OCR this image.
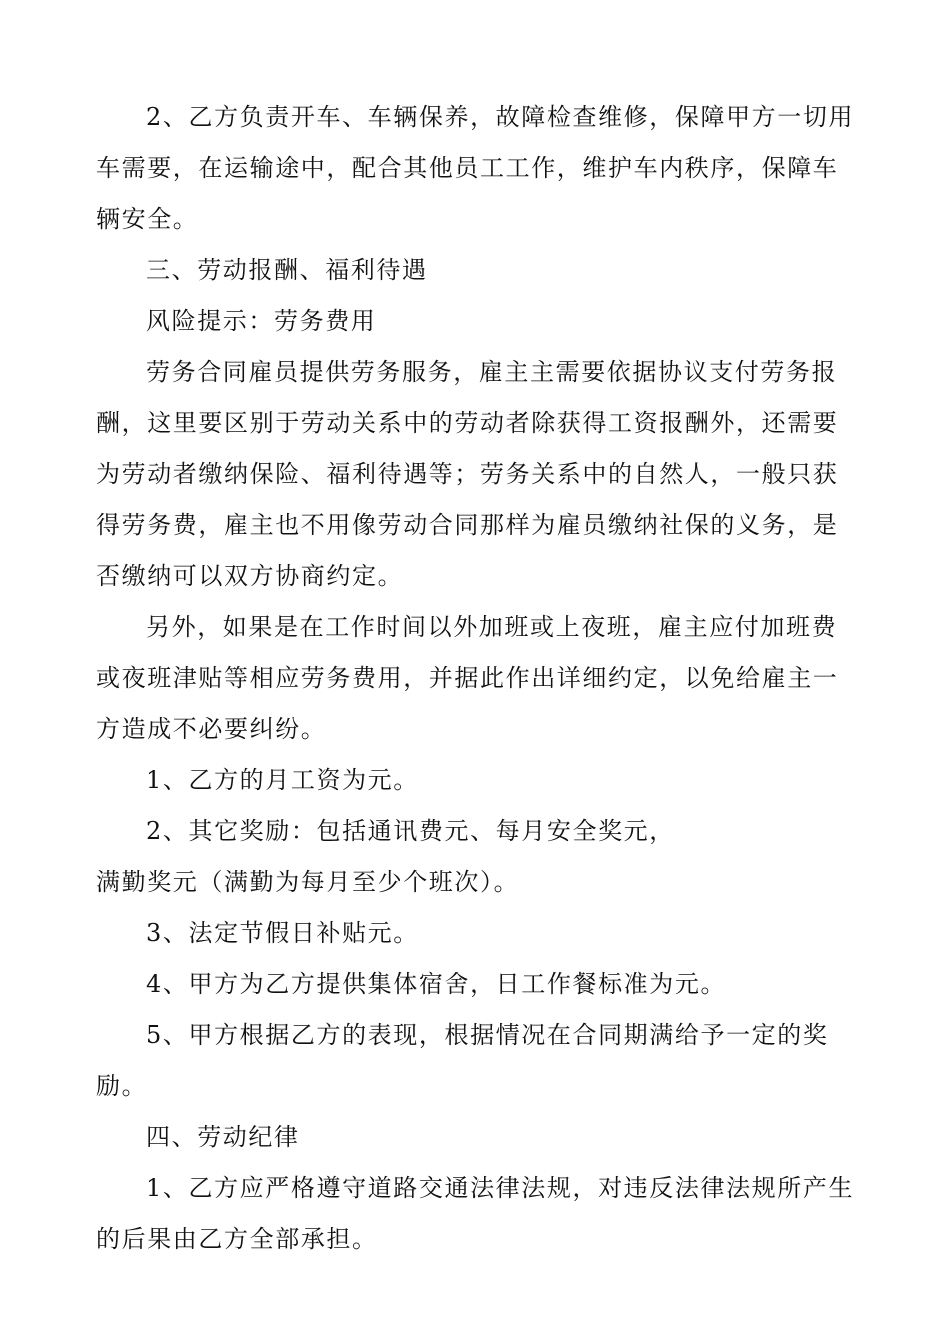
2、乙方负责开车、车辆保养，故障检查维修，保障甲方一切用车需要，在运输途中，配合其他员工工作，维护车内秩序，保障车辆安全。

三、劳动报酬、福利待遇

风险提示：劳务费用

劳务合同雇员提供劳务服务，雇主主需要依据协议支付劳务报酬，这里要区别于劳动关系中的劳动者除获得工资报酬外，还需要为劳动者缴纳保险、福利待遇等；劳务关系中的自然人，一般只获得劳务费，雇主也不用像劳动合同那样为雇员缴纳社保的义务，是否缴纳可以双方协商约定。

另外，如果是在工作时间以外加班或上夜班，雇主应付加班费或夜班津贴等相应劳务费用，并据此作出详细约定，以免给雇主一方造成不必要纠纷。

1、乙方的月工资为元。

2、其它奖励：包括通讯费元、每月安全奖元，

满勤奖元（满勤为每月至少个班次）。

3、法定节假日补贴元。

4、甲方为乙方提供集体宿舍，日工作餐标准为元。

5、甲方根据乙方的表现，根据情况在合同期满给予一定的奖励。

四、劳动纪律

1、乙方应严格遵守道路交通法律法规，对违反法律法规所产生的后果由乙方全部承担。
